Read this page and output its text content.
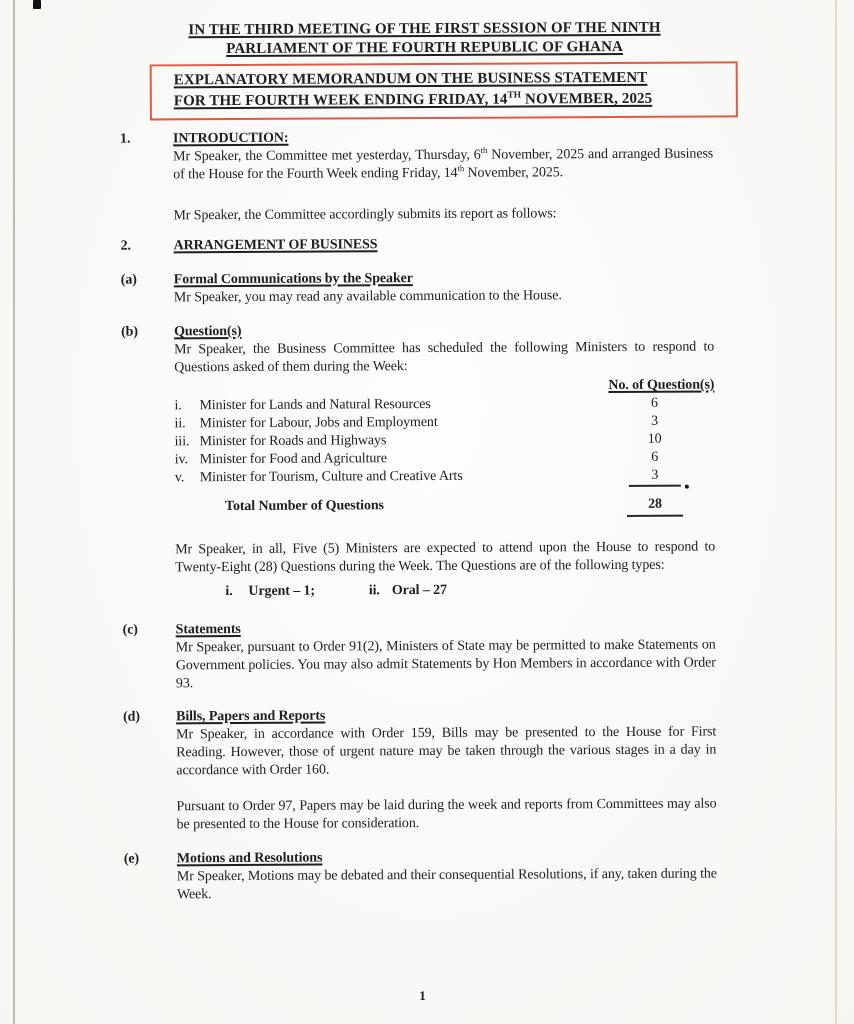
IN THE THIRD MEETING OF THE FIRST SESSION OF THE NINTH
PARLIAMENT OF THE FOURTH REPUBLIC OF GHANA
EXPLANATORY MEMORANDUM ON THE BUSINESS STATEMENT
FOR THE FOURTH WEEK ENDING FRIDAY, 14TH NOVEMBER, 2025
1.	INTRODUCTION:

Mr Speaker, the Committee met yesterday, Thursday, 6th November, 2025 and arranged Business of the House for the Fourth Week ending Friday, 14th November, 2025.

Mr Speaker, the Committee accordingly submits its report as follows:

2.	ARRANGEMENT OF BUSINESS
(a)	Formal Communications by the Speaker

Mr Speaker, you may read any available communication to the House.

(b)	Question(s)

Mr Speaker, the Business Committee has scheduled the following Ministers to respond to Questions asked of them during the Week:

No. of Question(s)
i.	Minister for Lands and Natural Resources	6
ii. Minister for Labour, Jobs and Employment	3
iii. Minister for Roads and Highways	10
iv. Minister for Food and Agriculture	6
v.	Minister for Tourism, Culture and Creative Arts	3
Total Number of Questions	28

Mr Speaker, in all, Five (5) Ministers are expected to attend upon the House to respond to Twenty-Eight (28) Questions during the Week. The Questions are of the following types:

i. Urgent – 1;	ii. Oral – 27
(c)	Statements

Mr Speaker, pursuant to Order 91(2), Ministers of State may be permitted to make Statements on Government policies. You may also admit Statements by Hon Members in accordance with Order 93.

(d)	Bills, Papers and Reports

Mr Speaker, in accordance with Order 159, Bills may be presented to the House for First Reading. However, those of urgent nature may be taken through the various stages in a day in accordance with Order 160.

Pursuant to Order 97, Papers may be laid during the week and reports from Committees may also be presented to the House for consideration.

(e)	Motions and Resolutions

Mr Speaker, Motions may be debated and their consequential Resolutions, if any, taken during the Week.

1
